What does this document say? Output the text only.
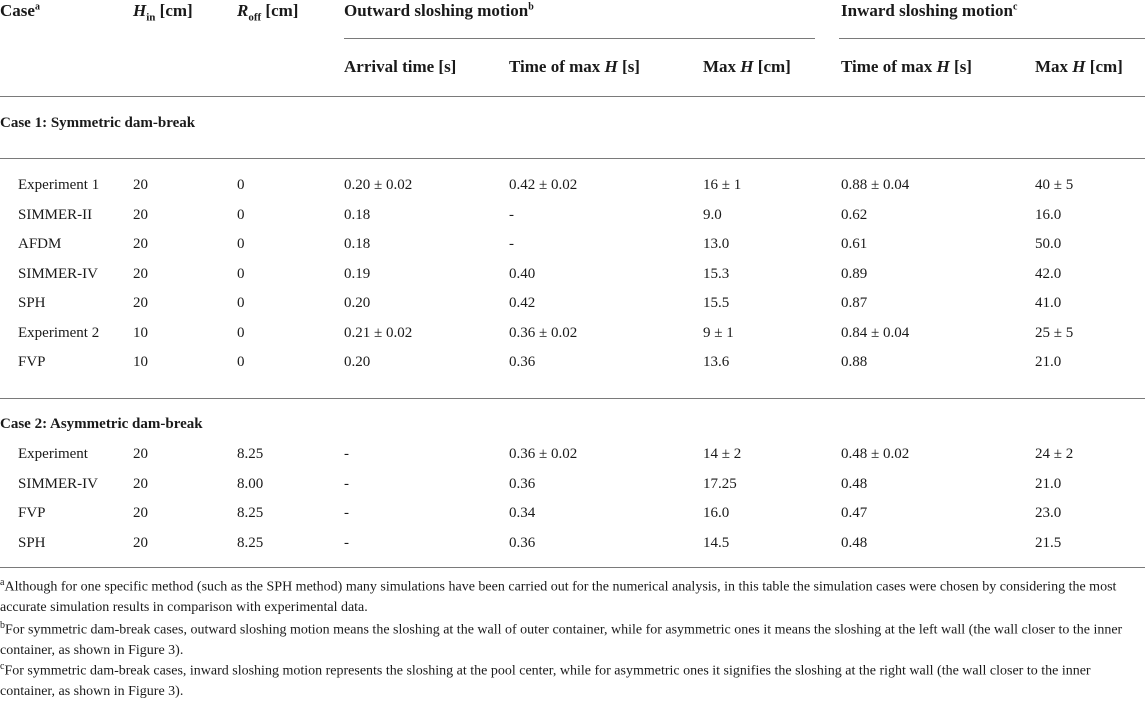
Case$^a$	$H_{in}$ [cm]	$R_{off}$ [cm]	Outward sloshing motion$^b$	Inward sloshing motion$^c$
Arrival time [s]	Time of max H [s]	Max H [cm]	Time of max H [s]	Max H [cm]
Case 1: Symmetric dam-break
Experiment 1 20	0	0.20 ± 0.02	0.42 ± 0.02	16 ± 1	0.88 ± 0.04	40 ± 5
SIMMER-II	20	0	0.18	-	9.0	0.62	16.0
AFDM	20	0	0.18	-	13.0	0.61	50.0
SIMMER-IV 20	0	0.19	0.40	15.3	0.89	42.0
SPH	20	0	0.20	0.42	15.5	0.87	41.0
Experiment 2 10	0	0.21 ± 0.02	0.36 ± 0.02	9 ± 1	0.84 ± 0.04	25 ± 5
FVP	10	0	0.20	0.36	13.6	0.88	21.0
Case 2: Asymmetric dam-break
Experiment	20	8.25	-	0.36 ± 0.02	14 ± 2	0.48 ± 0.02	24 ± 2
SIMMER-IV 20	8.00	-	0.36	17.25	0.48	21.0
FVP	20	8.25	-	0.34	16.0	0.47	23.0
SPH	20	8.25	-	0.36	14.5	0.48	21.5
$^a$Although for one specific method (such as the SPH method) many simulations have been carried out for the numerical analysis, in this table the simulation cases were chosen by considering the most accurate simulation results in comparison with experimental data.
$^b$For symmetric dam-break cases, outward sloshing motion means the sloshing at the wall of outer container, while for asymmetric ones it means the sloshing at the left wall (the wall closer to the inner container, as shown in Figure 3).
$^c$For symmetric dam-break cases, inward sloshing motion represents the sloshing at the pool center, while for asymmetric ones it signifies the sloshing at the right wall (the wall closer to the inner container, as shown in Figure 3).
